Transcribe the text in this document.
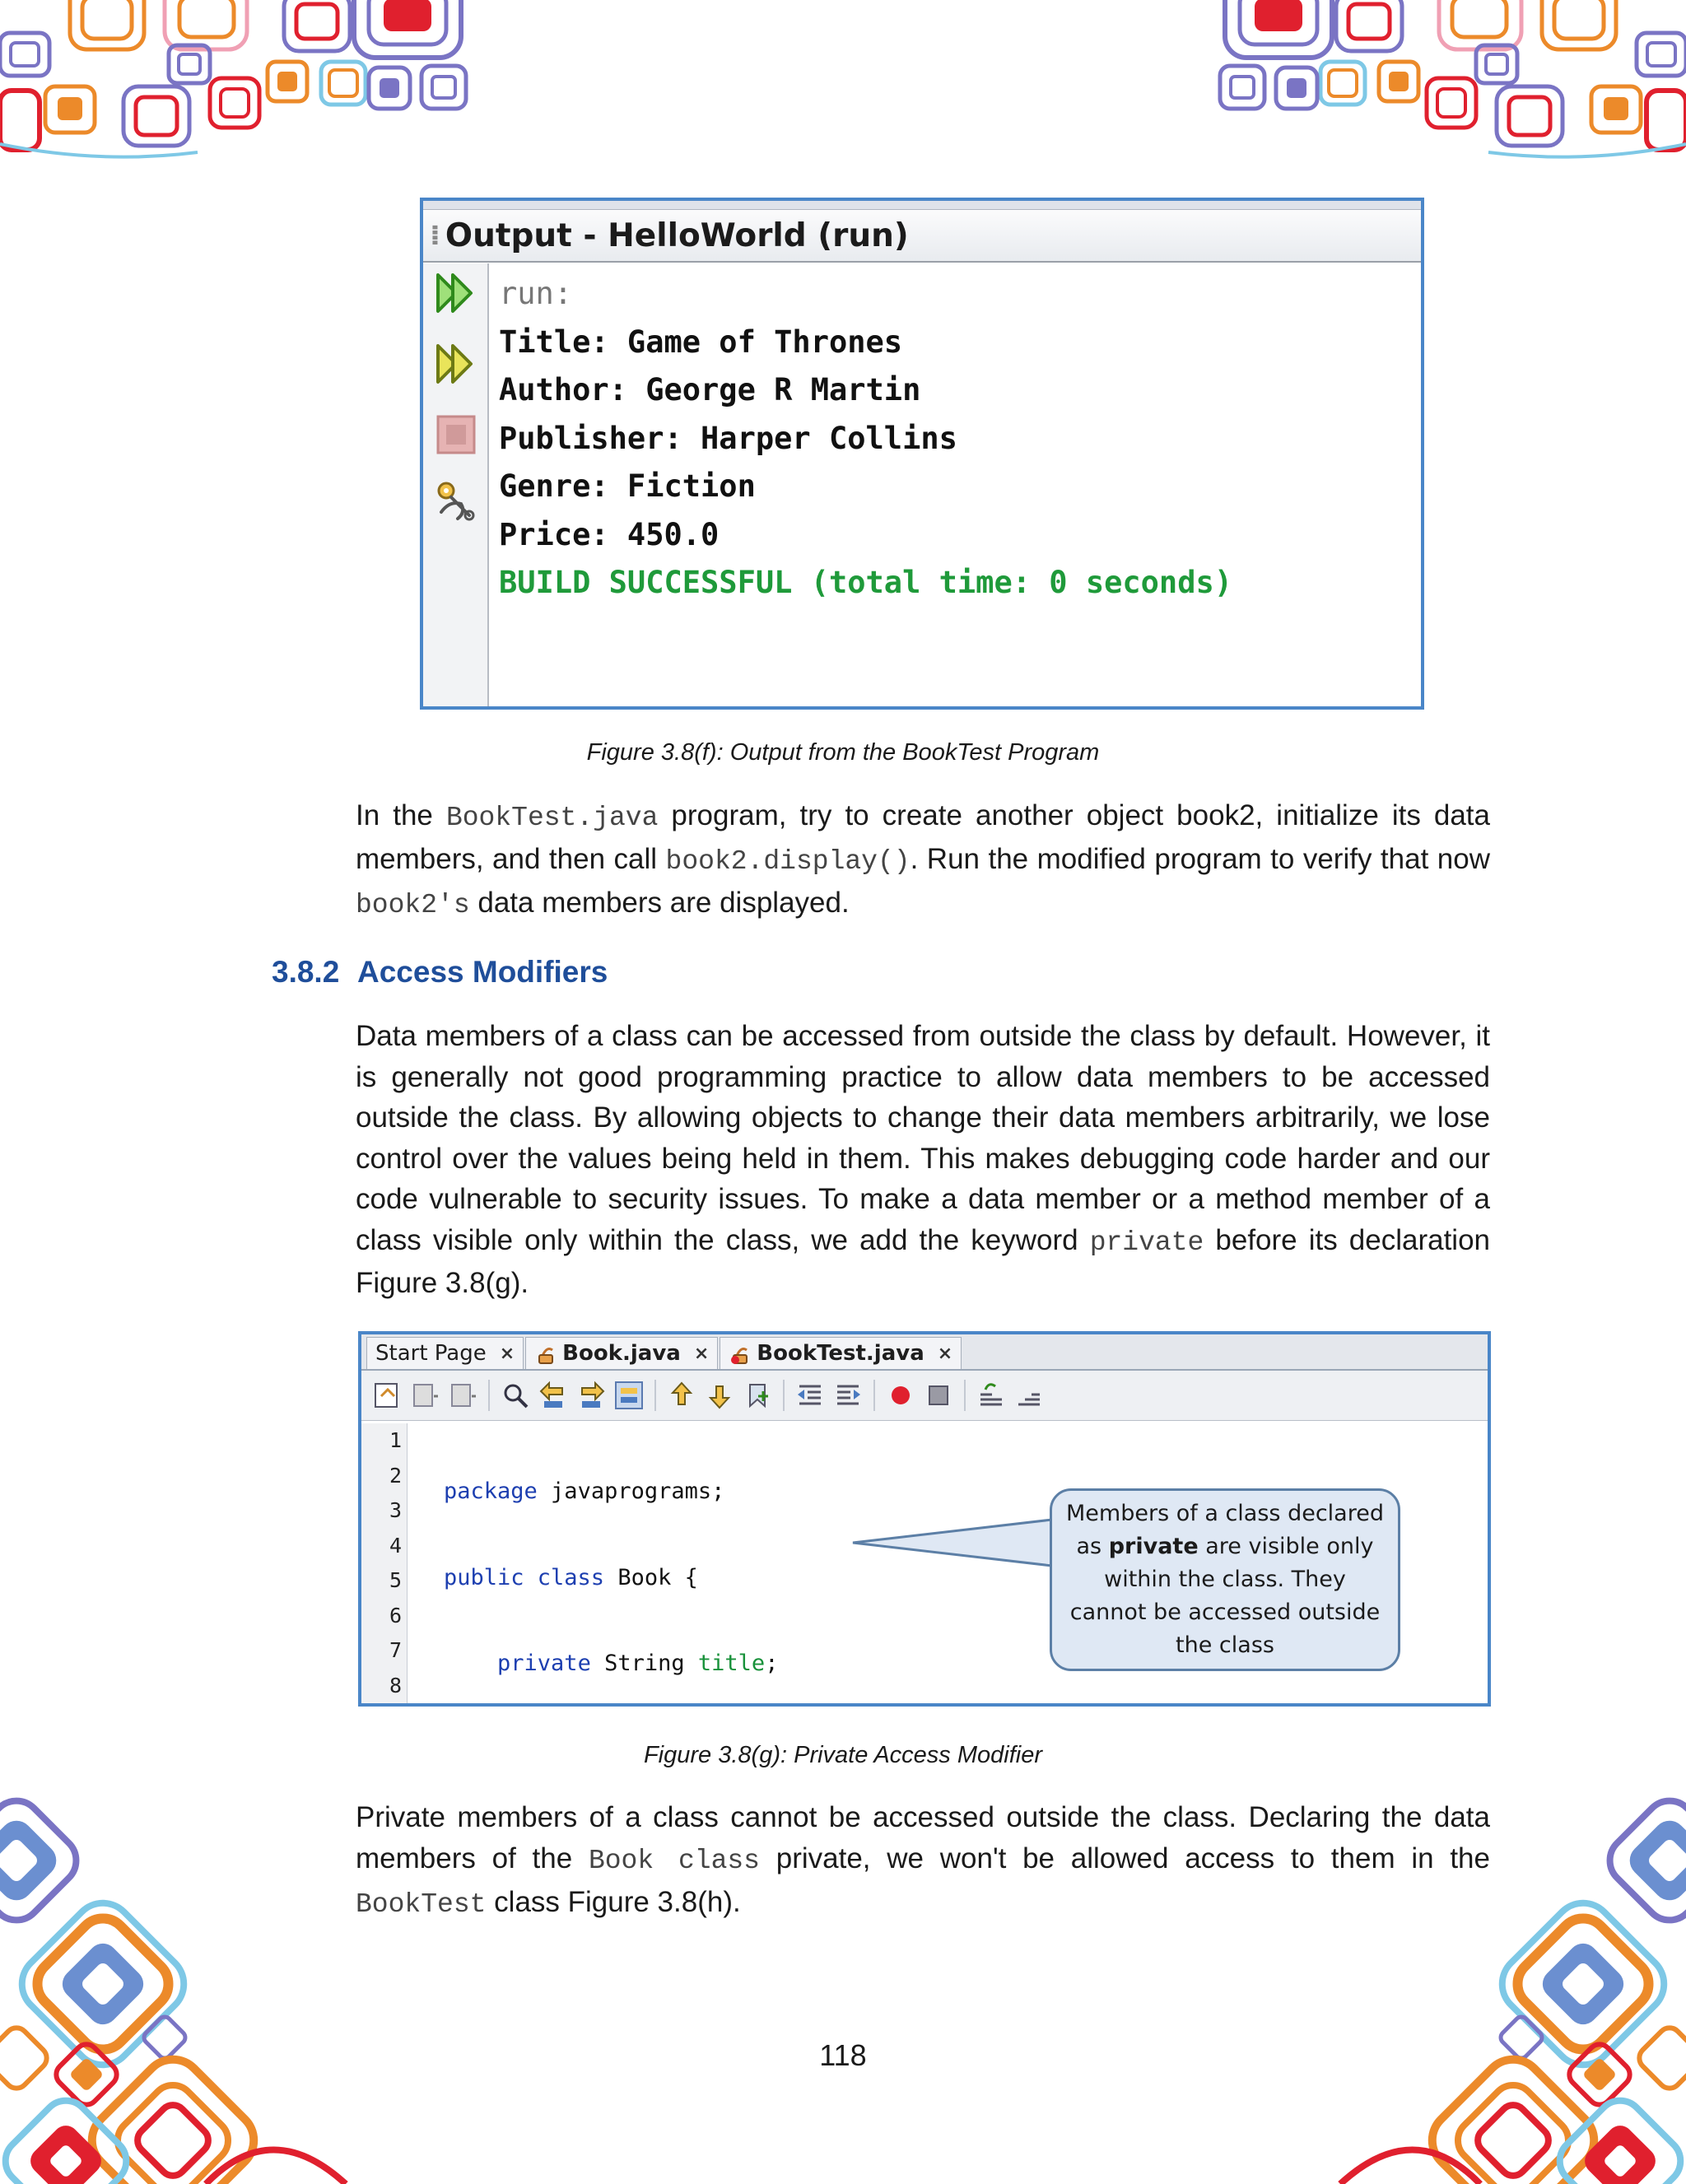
⁞ Output - HelloWorld (run)
run:
Title: Game of Thrones
Author: George R Martin
Publisher: Harper Collins
Genre: Fiction
Price: 450.0
BUILD SUCCESSFUL (total time: 0 seconds)
Figure 3.8(f): Output from the BookTest Program

In the BookTest.java program, try to create another object book2, initialize its data members, and then call book2.display(). Run the modified program to verify that now book2's data members are displayed.

3.8.2 Access Modifiers

Data members of a class can be accessed from outside the class by default. However, it is generally not good programming practice to allow data members to be accessed outside the class. By allowing objects to change their data members arbitrarily, we lose control over the values being held in them. This makes debugging code harder and our code vulnerable to security issues. To make a data member or a method member of a class visible only within the class, we add the keyword private before its declaration Figure 3.8(g).

Start Page × Book.java × BookTest.java ×
1
2
3
4
5
6
7
8

package javaprograms;

public class Book {

private String title;

Members of a class declared as private are visible only within the class. They cannot be accessed outside the class
Figure 3.8(g): Private Access Modifier

Private members of a class cannot be accessed outside the class. Declaring the data members of the Book class private, we won't be allowed access to them in the BookTest class Figure 3.8(h).

118
